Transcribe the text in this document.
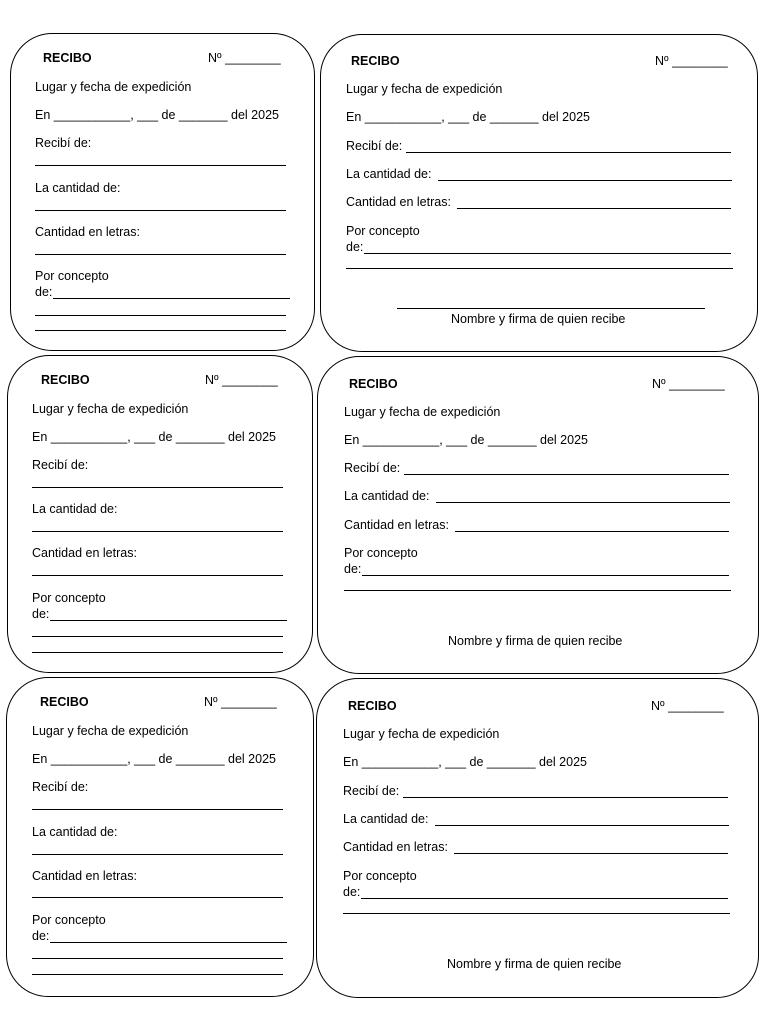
RECIBO	Nº ________
Lugar y fecha de expedición
En ___________, ___ de _______ del 2025
Recibí de:
La cantidad de:
Cantidad en letras:
Por concepto
de:
RECIBO	Nº ________
Lugar y fecha de expedición
En ___________, ___ de _______ del 2025
Recibí de:
La cantidad de:
Cantidad en letras:
Por concepto
de:
Nombre y firma de quien recibe
RECIBO	Nº ________
Lugar y fecha de expedición
En ___________, ___ de _______ del 2025
Recibí de:
La cantidad de:
Cantidad en letras:
Por concepto
de:
RECIBO	Nº ________
Lugar y fecha de expedición
En ___________, ___ de _______ del 2025
Recibí de:
La cantidad de:
Cantidad en letras:
Por concepto
de:
Nombre y firma de quien recibe
RECIBO	Nº ________
Lugar y fecha de expedición
En ___________, ___ de _______ del 2025
Recibí de:
La cantidad de:
Cantidad en letras:
Por concepto
de:
RECIBO	Nº ________
Lugar y fecha de expedición
En ___________, ___ de _______ del 2025
Recibí de:
La cantidad de:
Cantidad en letras:
Por concepto
de:
Nombre y firma de quien recibe
